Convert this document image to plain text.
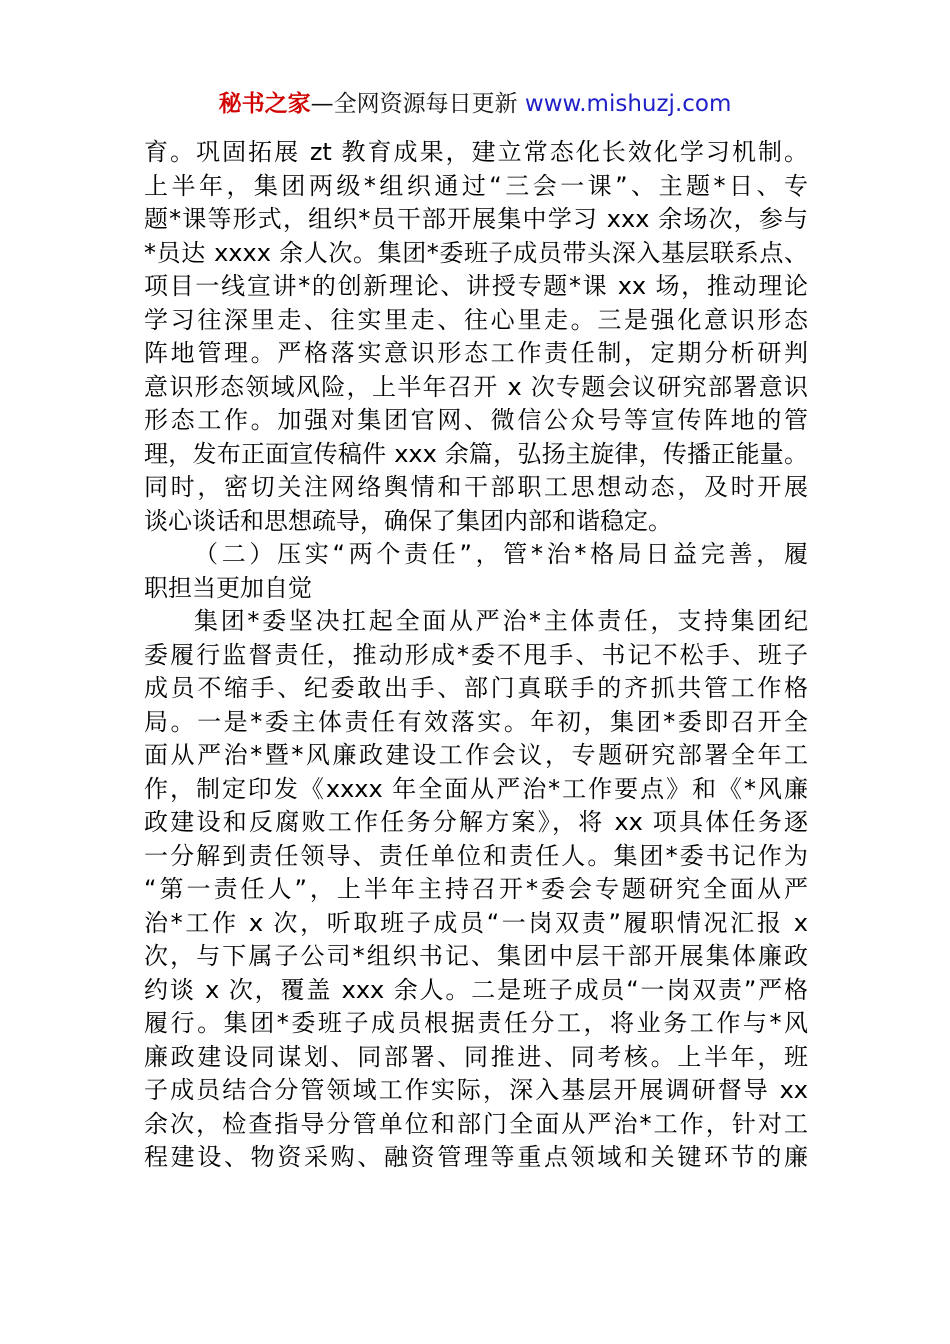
秘书之家—全网资源每日更新 www.mishuzj.com
育。巩固拓展 zt 教育成果，建立常态化长效化学习机制。
上半年，集团两级*组织通过“三会一课”、主题*日、专
题*课等形式，组织*员干部开展集中学习 xxx 余场次，参与
*员达 xxxx 余人次。集团*委班子成员带头深入基层联系点、
项目一线宣讲*的创新理论、讲授专题*课 xx 场，推动理论
学习往深里走、往实里走、往心里走。三是强化意识形态
阵地管理。严格落实意识形态工作责任制，定期分析研判
意识形态领域风险，上半年召开 x 次专题会议研究部署意识
形态工作。加强对集团官网、微信公众号等宣传阵地的管
理，发布正面宣传稿件 xxx 余篇，弘扬主旋律，传播正能量。
同时，密切关注网络舆情和干部职工思想动态，及时开展
谈心谈话和思想疏导，确保了集团内部和谐稳定。
（二）压实“两个责任”，管*治*格局日益完善，履
职担当更加自觉
集团*委坚决扛起全面从严治*主体责任，支持集团纪
委履行监督责任，推动形成*委不甩手、书记不松手、班子
成员不缩手、纪委敢出手、部门真联手的齐抓共管工作格
局。一是*委主体责任有效落实。年初，集团*委即召开全
面从严治*暨*风廉政建设工作会议，专题研究部署全年工
作，制定印发《xxxx 年全面从严治*工作要点》和《*风廉
政建设和反腐败工作任务分解方案》，将 xx 项具体任务逐
一分解到责任领导、责任单位和责任人。集团*委书记作为
“第一责任人”，上半年主持召开*委会专题研究全面从严
治*工作 x 次，听取班子成员“一岗双责”履职情况汇报 x
次，与下属子公司*组织书记、集团中层干部开展集体廉政
约谈 x 次，覆盖 xxx 余人。二是班子成员“一岗双责”严格
履行。集团*委班子成员根据责任分工，将业务工作与*风
廉政建设同谋划、同部署、同推进、同考核。上半年，班
子成员结合分管领域工作实际，深入基层开展调研督导 xx
余次，检查指导分管单位和部门全面从严治*工作，针对工
程建设、物资采购、融资管理等重点领域和关键环节的廉
